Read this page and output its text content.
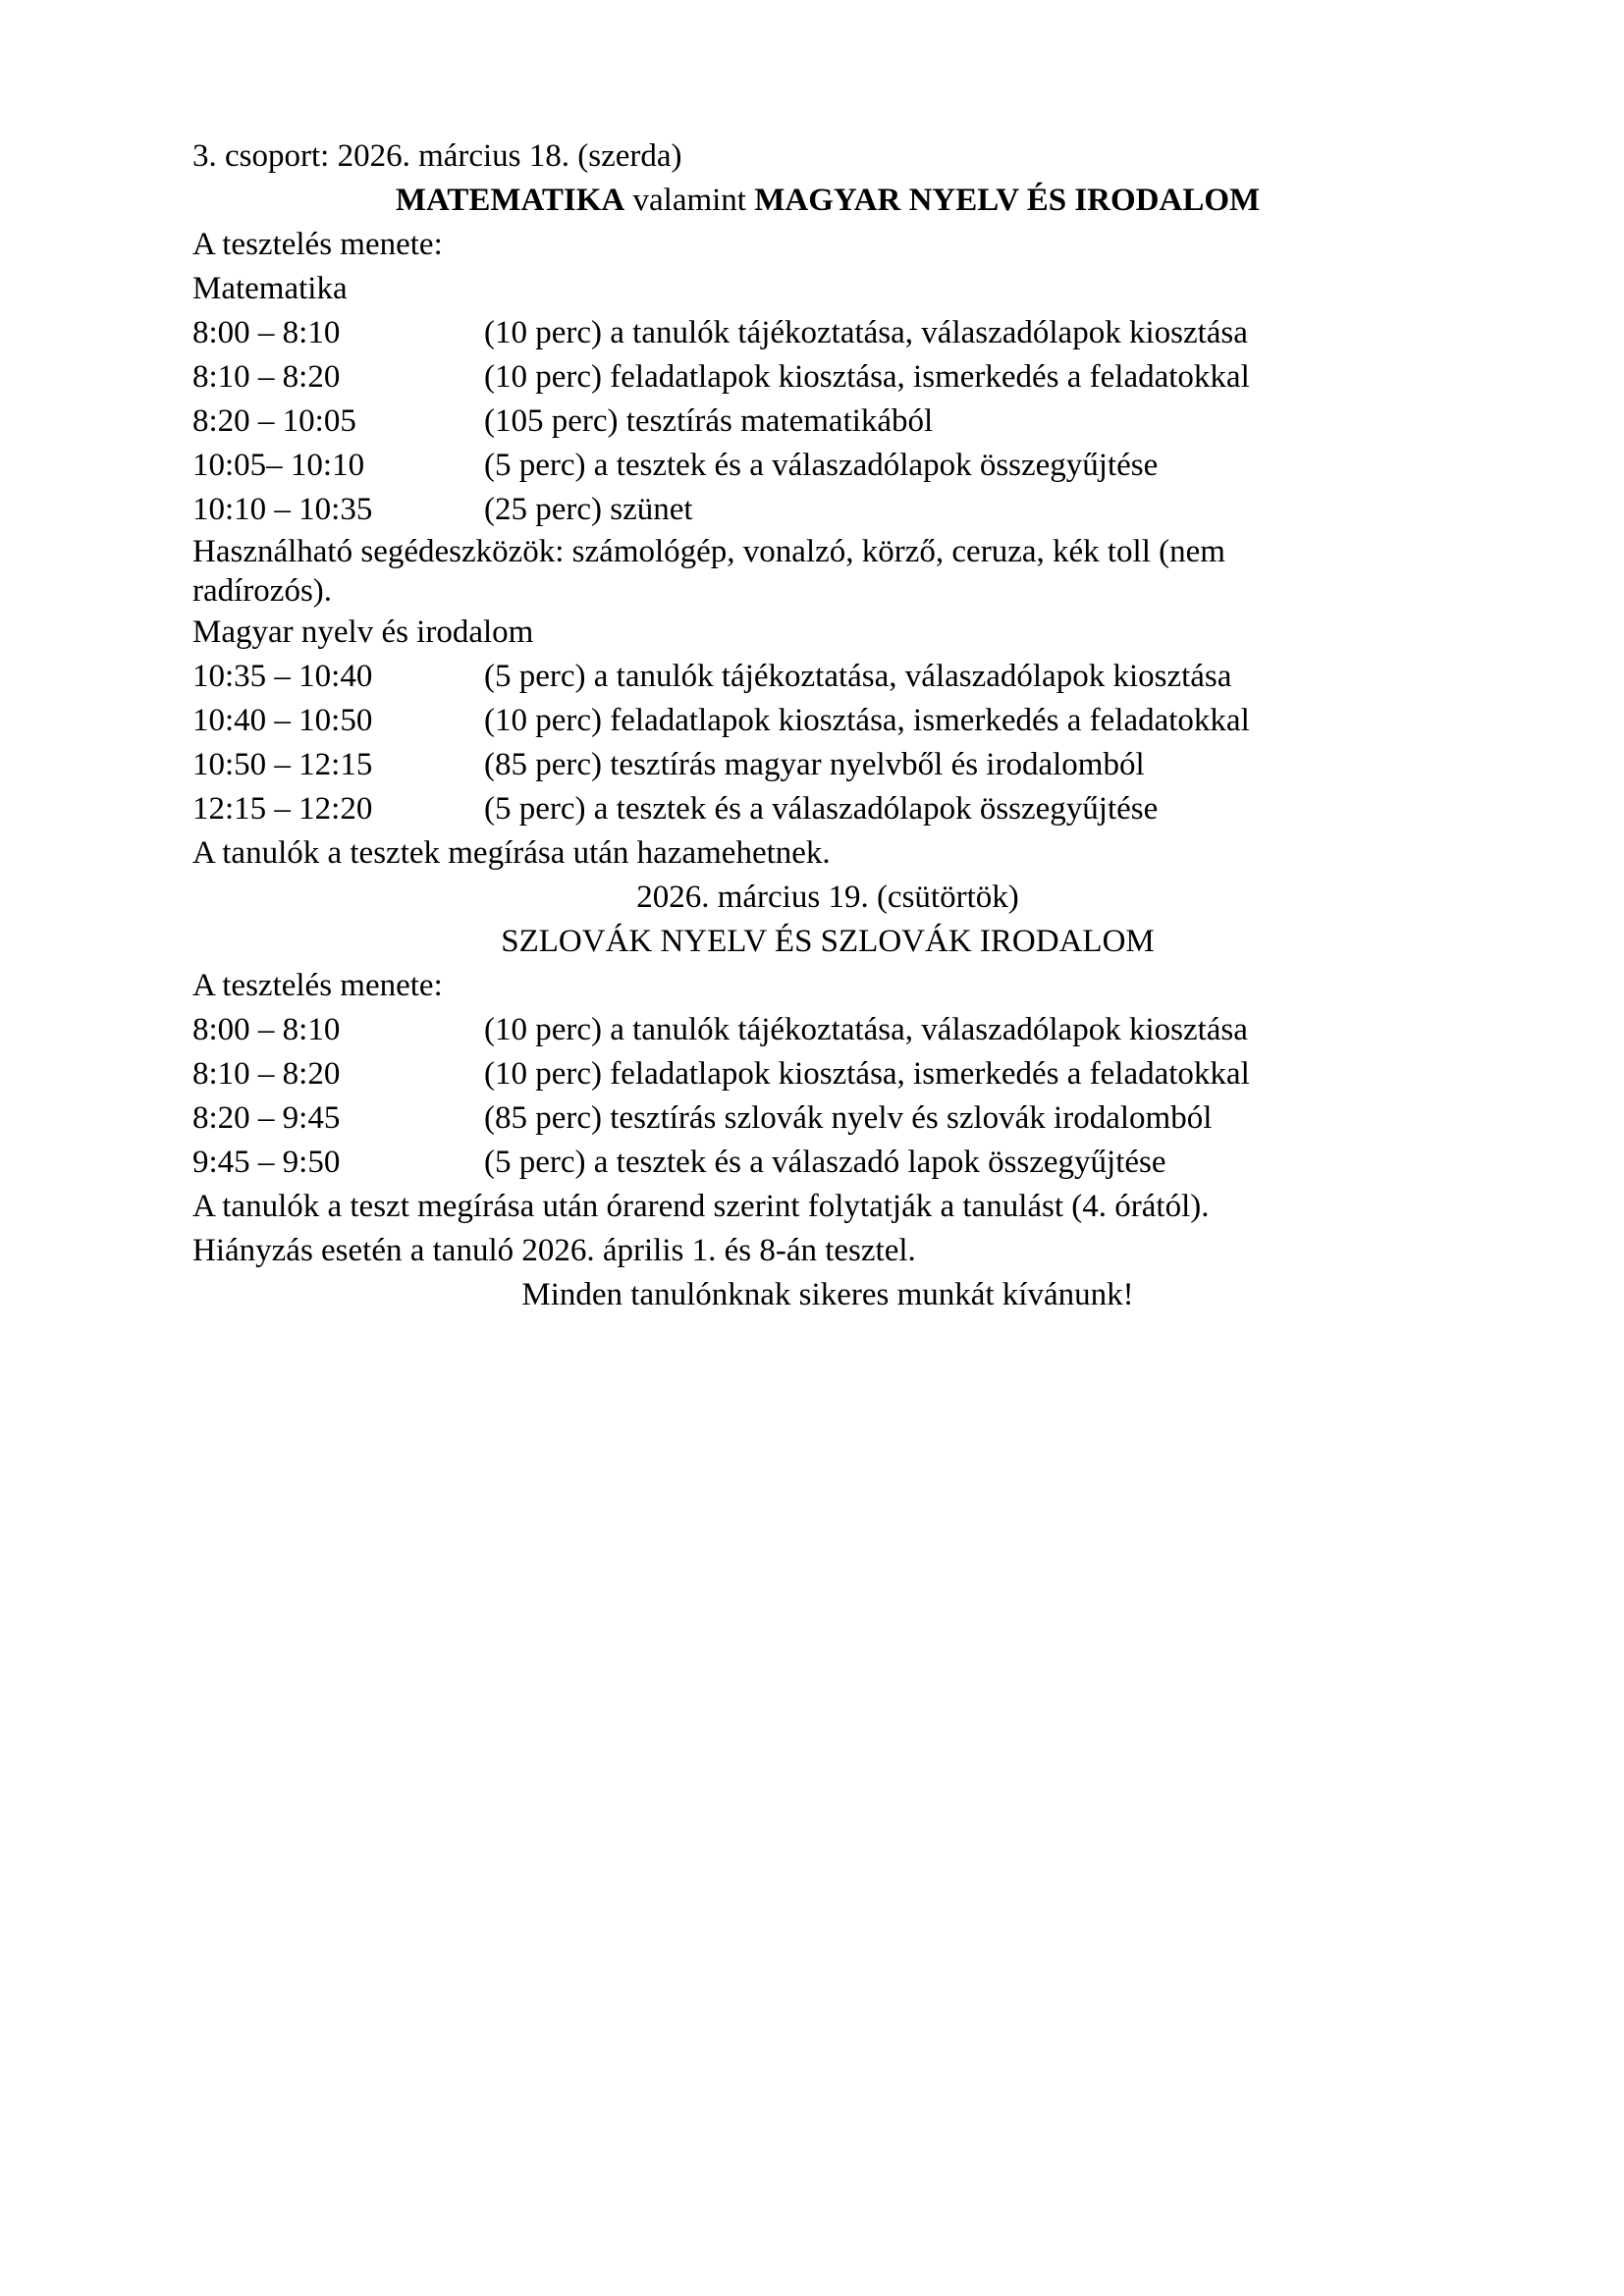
3. csoport: 2026. március 18. (szerda)

MATEMATIKA valamint MAGYAR NYELV ÉS IRODALOM

A tesztelés menete:

Matematika

8:00 – 8:10	(10 perc) a tanulók tájékoztatása, válaszadólapok kiosztása
8:10 – 8:20	(10 perc) feladatlapok kiosztása, ismerkedés a feladatokkal
8:20 – 10:05	(105 perc) tesztírás matematikából
10:05– 10:10	(5 perc) a tesztek és a válaszadólapok összegyűjtése
10:10 – 10:35	(25 perc) szünet

Használható segédeszközök: számológép, vonalzó, körző, ceruza, kék toll (nem
radírozós).

Magyar nyelv és irodalom

10:35 – 10:40	(5 perc) a tanulók tájékoztatása, válaszadólapok kiosztása
10:40 – 10:50	(10 perc) feladatlapok kiosztása, ismerkedés a feladatokkal
10:50 – 12:15	(85 perc) tesztírás magyar nyelvből és irodalomból
12:15 – 12:20	(5 perc) a tesztek és a válaszadólapok összegyűjtése

A tanulók a tesztek megírása után hazamehetnek.

2026. március 19. (csütörtök)

SZLOVÁK NYELV ÉS SZLOVÁK IRODALOM

A tesztelés menete:

8:00 – 8:10	(10 perc) a tanulók tájékoztatása, válaszadólapok kiosztása
8:10 – 8:20	(10 perc) feladatlapok kiosztása, ismerkedés a feladatokkal
8:20 – 9:45	(85 perc) tesztírás szlovák nyelv és szlovák irodalomból
9:45 – 9:50	(5 perc) a tesztek és a válaszadó lapok összegyűjtése

A tanulók a teszt megírása után órarend szerint folytatják a tanulást (4. órától).

Hiányzás esetén a tanuló 2026. április 1. és 8-án tesztel.

Minden tanulónknak sikeres munkát kívánunk!
